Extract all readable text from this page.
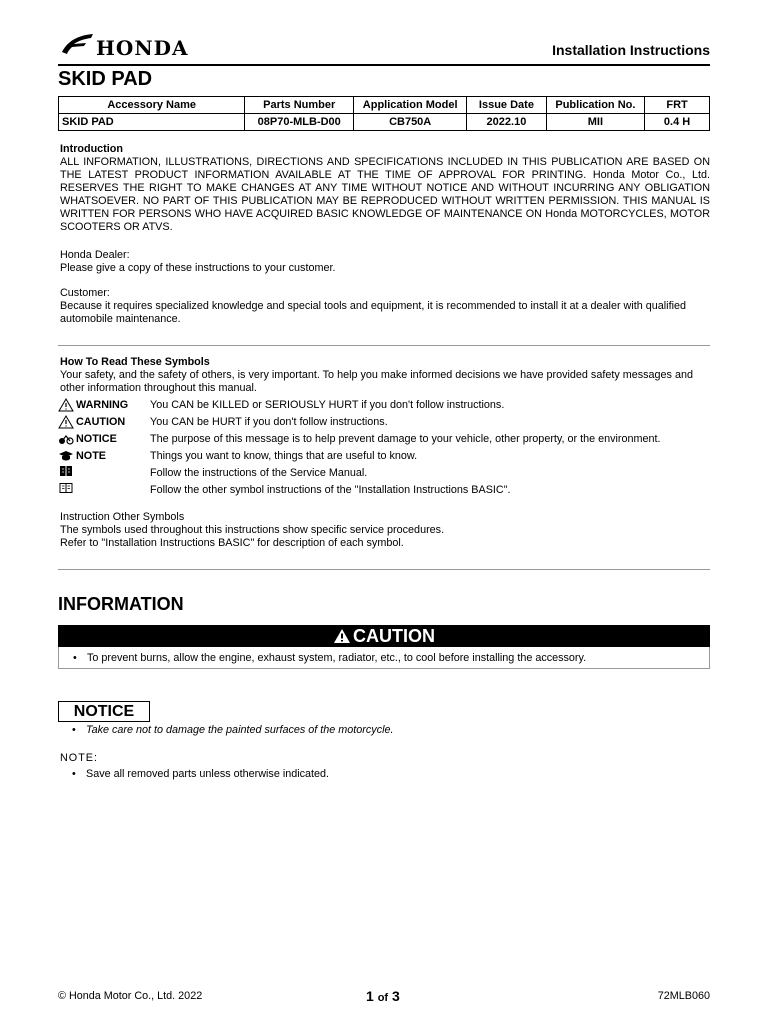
HONDA	Installation Instructions
SKID PAD
Accessory Name	Parts Number	Application Model	Issue Date	Publication No.	FRT
SKID PAD	08P70-MLB-D00	CB750A	2022.10	MII	0.4 H
Introduction
ALL INFORMATION, ILLUSTRATIONS, DIRECTIONS AND SPECIFICATIONS INCLUDED IN THIS PUBLICATION ARE BASED ON THE LATEST PRODUCT INFORMATION AVAILABLE AT THE TIME OF APPROVAL FOR PRINTING. Honda Motor Co., Ltd. RESERVES THE RIGHT TO MAKE CHANGES AT ANY TIME WITHOUT NOTICE AND WITHOUT INCURRING ANY OBLIGATION WHATSOEVER. NO PART OF THIS PUBLICATION MAY BE REPRODUCED WITHOUT WRITTEN PERMISSION. THIS MANUAL IS WRITTEN FOR PERSONS WHO HAVE ACQUIRED BASIC KNOWLEDGE OF MAINTENANCE ON Honda MOTORCYCLES, MOTOR SCOOTERS OR ATVS.
Honda Dealer:
Please give a copy of these instructions to your customer.
Customer:
Because it requires specialized knowledge and special tools and equipment, it is recommended to install it at a dealer with qualified automobile maintenance.
How To Read These Symbols
Your safety, and the safety of others, is very important. To help you make informed decisions we have provided safety messages and other information throughout this manual.
WARNING You CAN be KILLED or SERIOUSLY HURT if you don't follow instructions.
CAUTION You CAN be HURT if you don't follow instructions.
NOTICE	The purpose of this message is to help prevent damage to your vehicle, other property, or the environment.
NOTE	Things you want to know, things that are useful to know.
Follow the instructions of the Service Manual.
Follow the other symbol instructions of the "Installation Instructions BASIC".
Instruction Other Symbols
The symbols used throughout this instructions show specific service procedures.
Refer to "Installation Instructions BASIC" for description of each symbol.
INFORMATION
CAUTION
• To prevent burns, allow the engine, exhaust system, radiator, etc., to cool before installing the accessory.
NOTICE
• Take care not to damage the painted surfaces of the motorcycle.
NOTE:
• Save all removed parts unless otherwise indicated.
© Honda Motor Co., Ltd. 2022	1 of 3	72MLB060
